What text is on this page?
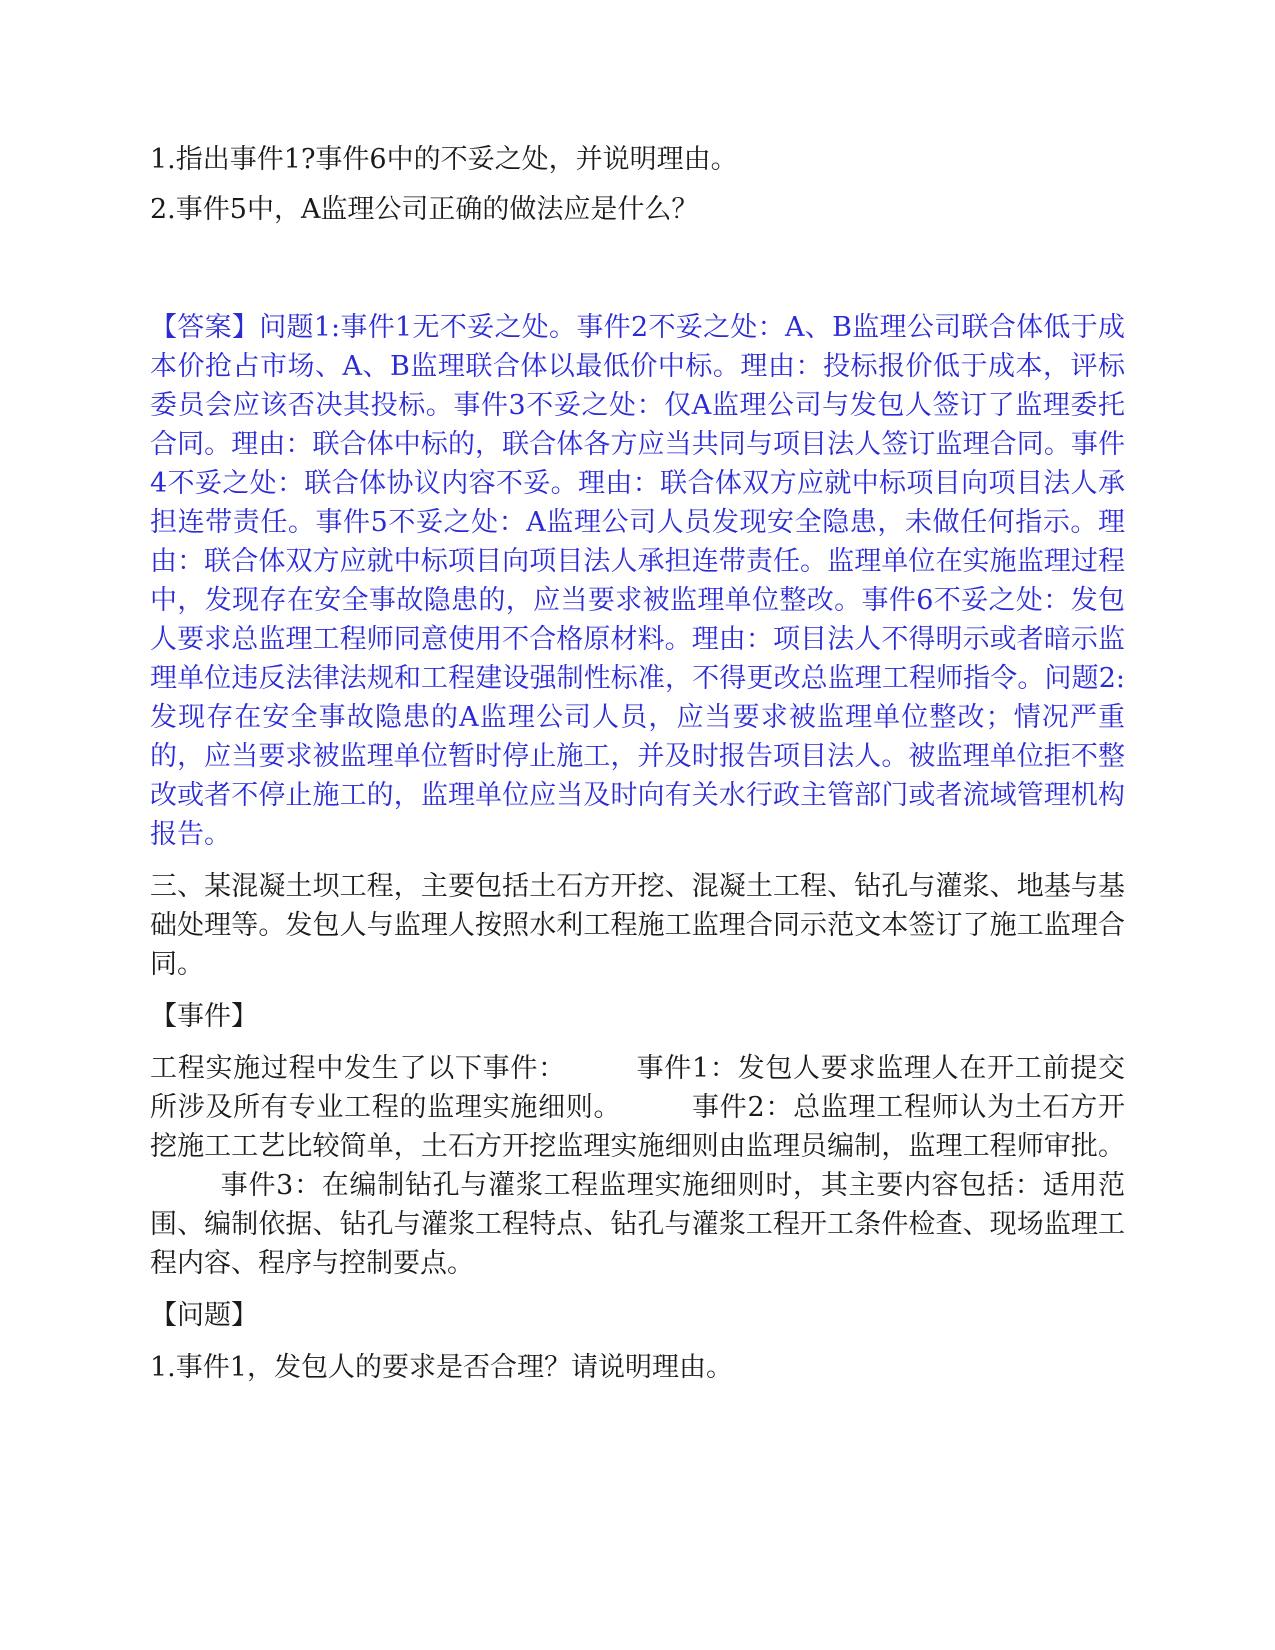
1.指出事件1?事件6中的不妥之处，并说明理由。

2.事件5中，A监理公司正确的做法应是什么？

【答案】问题1:事件1无不妥之处。事件2不妥之处：A、B监理公司联合体低于成本价抢占市场、A、B监理联合体以最低价中标。理由：投标报价低于成本，评标委员会应该否决其投标。事件3不妥之处：仅A监理公司与发包人签订了监理委托合同。理由：联合体中标的，联合体各方应当共同与项目法人签订监理合同。事件4不妥之处：联合体协议内容不妥。理由：联合体双方应就中标项目向项目法人承担连带责任。事件5不妥之处：A监理公司人员发现安全隐患，未做任何指示。理由：联合体双方应就中标项目向项目法人承担连带责任。监理单位在实施监理过程中，发现存在安全事故隐患的，应当要求被监理单位整改。事件6不妥之处：发包人要求总监理工程师同意使用不合格原材料。理由：项目法人不得明示或者暗示监理单位违反法律法规和工程建设强制性标准，不得更改总监理工程师指令。问题2:发现存在安全事故隐患的A监理公司人员，应当要求被监理单位整改；情况严重的，应当要求被监理单位暂时停止施工，并及时报告项目法人。被监理单位拒不整改或者不停止施工的，监理单位应当及时向有关水行政主管部门或者流域管理机构报告。

三、某混凝土坝工程，主要包括土石方开挖、混凝土工程、钻孔与灌浆、地基与基础处理等。发包人与监理人按照水利工程施工监理合同示范文本签订了施工监理合同。

【事件】

工程实施过程中发生了以下事件：	事件1：发包人要求监理人在开工前提交所涉及所有专业工程的监理实施细则。	事件2：总监理工程师认为土石方开挖施工工艺比较简单，土石方开挖监理实施细则由监理员编制，监理工程师审批。事件3：在编制钻孔与灌浆工程监理实施细则时，其主要内容包括：适用范围、编制依据、钻孔与灌浆工程特点、钻孔与灌浆工程开工条件检查、现场监理工程内容、程序与控制要点。

【问题】

1.事件1，发包人的要求是否合理？请说明理由。
